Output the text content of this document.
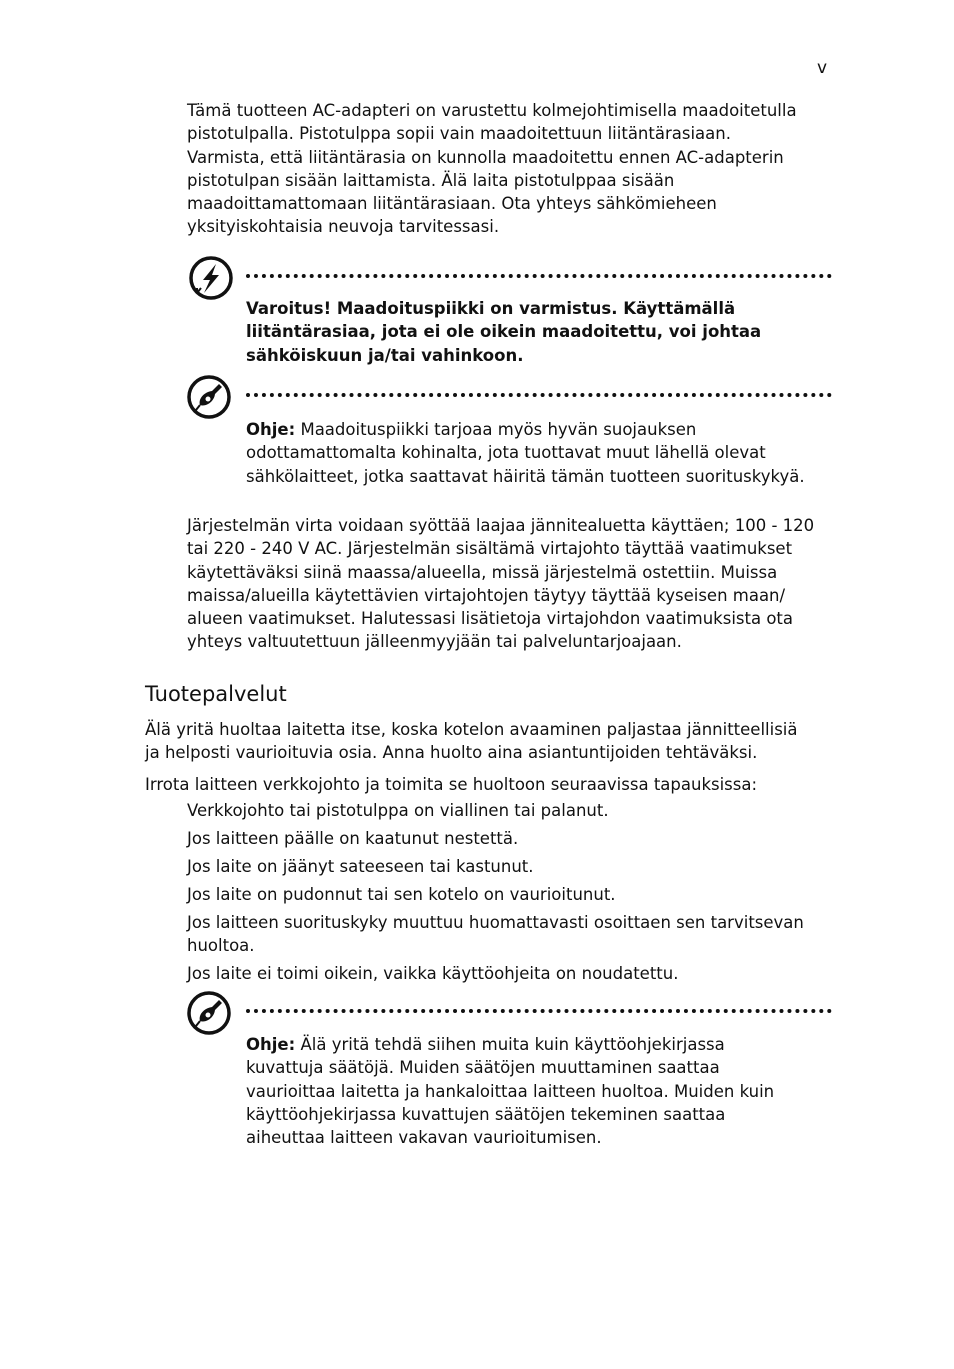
v

Tämä tuotteen AC-adapteri on varustettu kolmejohtimisella maadoitetulla
pistotulpalla. Pistotulppa sopii vain maadoitettuun liitäntärasiaan.
Varmista, että liitäntärasia on kunnolla maadoitettu ennen AC-adapterin
pistotulpan sisään laittamista. Älä laita pistotulppaa sisään
maadoittamattomaan liitäntärasiaan. Ota yhteys sähkömieheen
yksityiskohtaisia neuvoja tarvitessasi.

Varoitus! Maadoituspiikki on varmistus. Käyttämällä
liitäntärasiaa, jota ei ole oikein maadoitettu, voi johtaa
sähköiskuun ja/tai vahinkoon.

Ohje: Maadoituspiikki tarjoaa myös hyvän suojauksen
odottamattomalta kohinalta, jota tuottavat muut lähellä olevat
sähkölaitteet, jotka saattavat häiritä tämän tuotteen suorituskykyä.

Järjestelmän virta voidaan syöttää laajaa jännitealuetta käyttäen; 100 - 120
tai 220 - 240 V AC. Järjestelmän sisältämä virtajohto täyttää vaatimukset
käytettäväksi siinä maassa/alueella, missä järjestelmä ostettiin. Muissa
maissa/alueilla käytettävien virtajohtojen täytyy täyttää kyseisen maan/
alueen vaatimukset. Halutessasi lisätietoja virtajohdon vaatimuksista ota
yhteys valtuutettuun jälleenmyyjään tai palveluntarjoajaan.

Tuotepalvelut

Älä yritä huoltaa laitetta itse, koska kotelon avaaminen paljastaa jännitteellisiä
ja helposti vaurioituvia osia. Anna huolto aina asiantuntijoiden tehtäväksi.

Irrota laitteen verkkojohto ja toimita se huoltoon seuraavissa tapauksissa:

Verkkojohto tai pistotulppa on viallinen tai palanut.
Jos laitteen päälle on kaatunut nestettä.
Jos laite on jäänyt sateeseen tai kastunut.
Jos laite on pudonnut tai sen kotelo on vaurioitunut.
Jos laitteen suorituskyky muuttuu huomattavasti osoittaen sen tarvitsevan
huoltoa.
Jos laite ei toimi oikein, vaikka käyttöohjeita on noudatettu.

Ohje: Älä yritä tehdä siihen muita kuin käyttöohjekirjassa
kuvattuja säätöjä. Muiden säätöjen muuttaminen saattaa
vaurioittaa laitetta ja hankaloittaa laitteen huoltoa. Muiden kuin
käyttöohjekirjassa kuvattujen säätöjen tekeminen saattaa
aiheuttaa laitteen vakavan vaurioitumisen.
